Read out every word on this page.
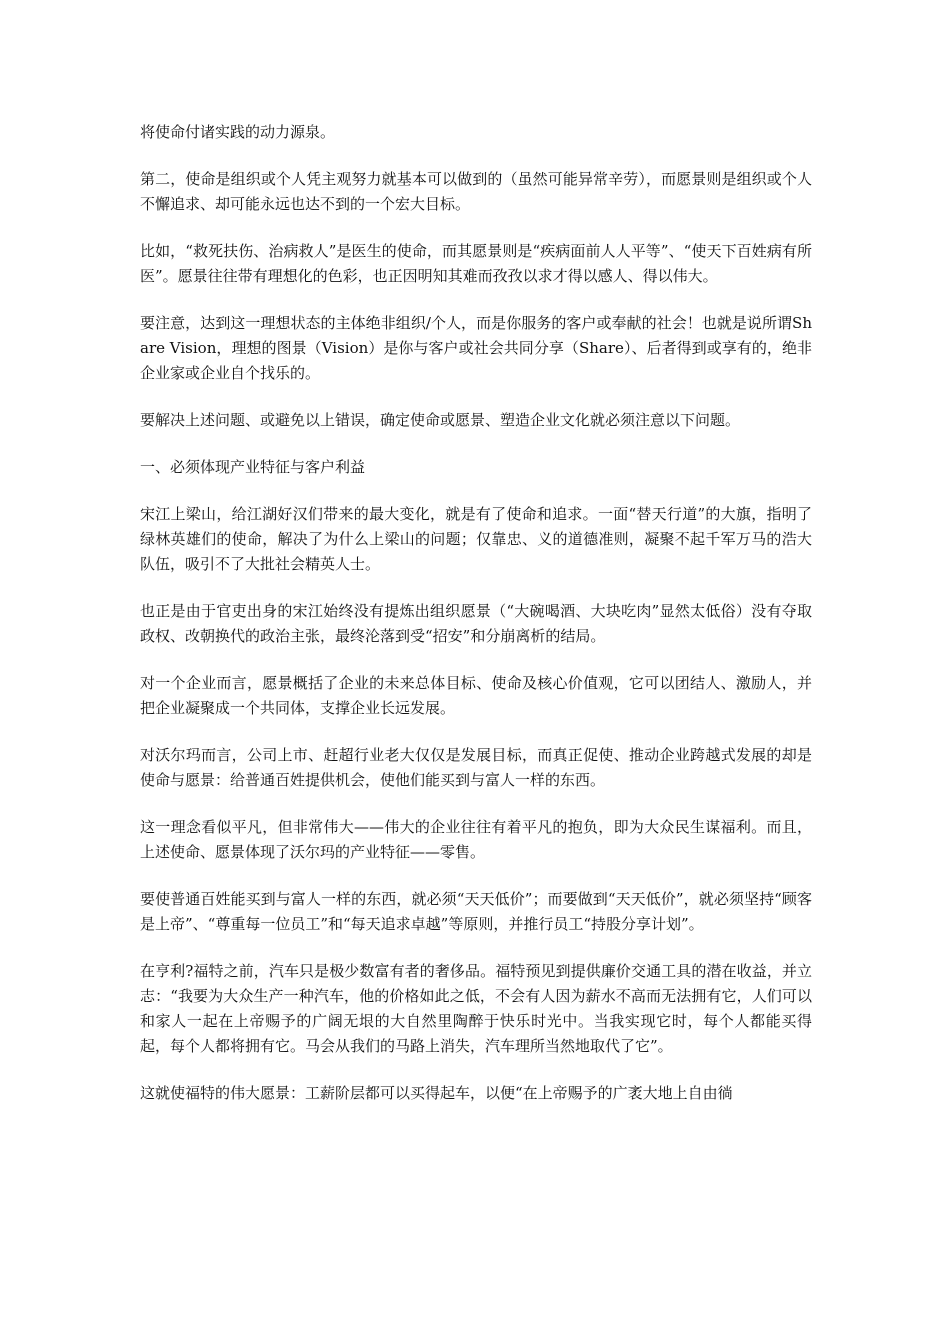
将使命付诸实践的动力源泉。

第二，使命是组织或个人凭主观努力就基本可以做到的（虽然可能异常辛劳），而愿景则是组织或个人不懈追求、却可能永远也达不到的一个宏大目标。

比如，“救死扶伤、治病救人”是医生的使命，而其愿景则是“疾病面前人人平等”、“使天下百姓病有所医”。愿景往往带有理想化的色彩，也正因明知其难而孜孜以求才得以感人、得以伟大。

要注意，达到这一理想状态的主体绝非组织/个人，而是你服务的客户或奉献的社会！也就是说所谓Share Vision，理想的图景（Vision）是你与客户或社会共同分享（Share）、后者得到或享有的，绝非企业家或企业自个找乐的。

要解决上述问题、或避免以上错误，确定使命或愿景、塑造企业文化就必须注意以下问题。

一、必须体现产业特征与客户利益

宋江上梁山，给江湖好汉们带来的最大变化，就是有了使命和追求。一面“替天行道”的大旗，指明了绿林英雄们的使命，解决了为什么上梁山的问题；仅靠忠、义的道德准则，凝聚不起千军万马的浩大队伍，吸引不了大批社会精英人士。

也正是由于官吏出身的宋江始终没有提炼出组织愿景（“大碗喝酒、大块吃肉”显然太低俗）没有夺取政权、改朝换代的政治主张，最终沦落到受“招安”和分崩离析的结局。

对一个企业而言，愿景概括了企业的未来总体目标、使命及核心价值观，它可以团结人、激励人，并把企业凝聚成一个共同体，支撑企业长远发展。

对沃尔玛而言，公司上市、赶超行业老大仅仅是发展目标，而真正促使、推动企业跨越式发展的却是使命与愿景：给普通百姓提供机会，使他们能买到与富人一样的东西。

这一理念看似平凡，但非常伟大——伟大的企业往往有着平凡的抱负，即为大众民生谋福利。而且，上述使命、愿景体现了沃尔玛的产业特征——零售。

要使普通百姓能买到与富人一样的东西，就必须“天天低价”；而要做到“天天低价”，就必须坚持“顾客是上帝”、“尊重每一位员工”和“每天追求卓越”等原则，并推行员工“持股分享计划”。

在亨利?福特之前，汽车只是极少数富有者的奢侈品。福特预见到提供廉价交通工具的潜在收益，并立志：“我要为大众生产一种汽车，他的价格如此之低，不会有人因为薪水不高而无法拥有它，人们可以和家人一起在上帝赐予的广阔无垠的大自然里陶醉于快乐时光中。当我实现它时，每个人都能买得起，每个人都将拥有它。马会从我们的马路上消失，汽车理所当然地取代了它”。

这就使福特的伟大愿景：工薪阶层都可以买得起车，以便“在上帝赐予的广袤大地上自由徜
